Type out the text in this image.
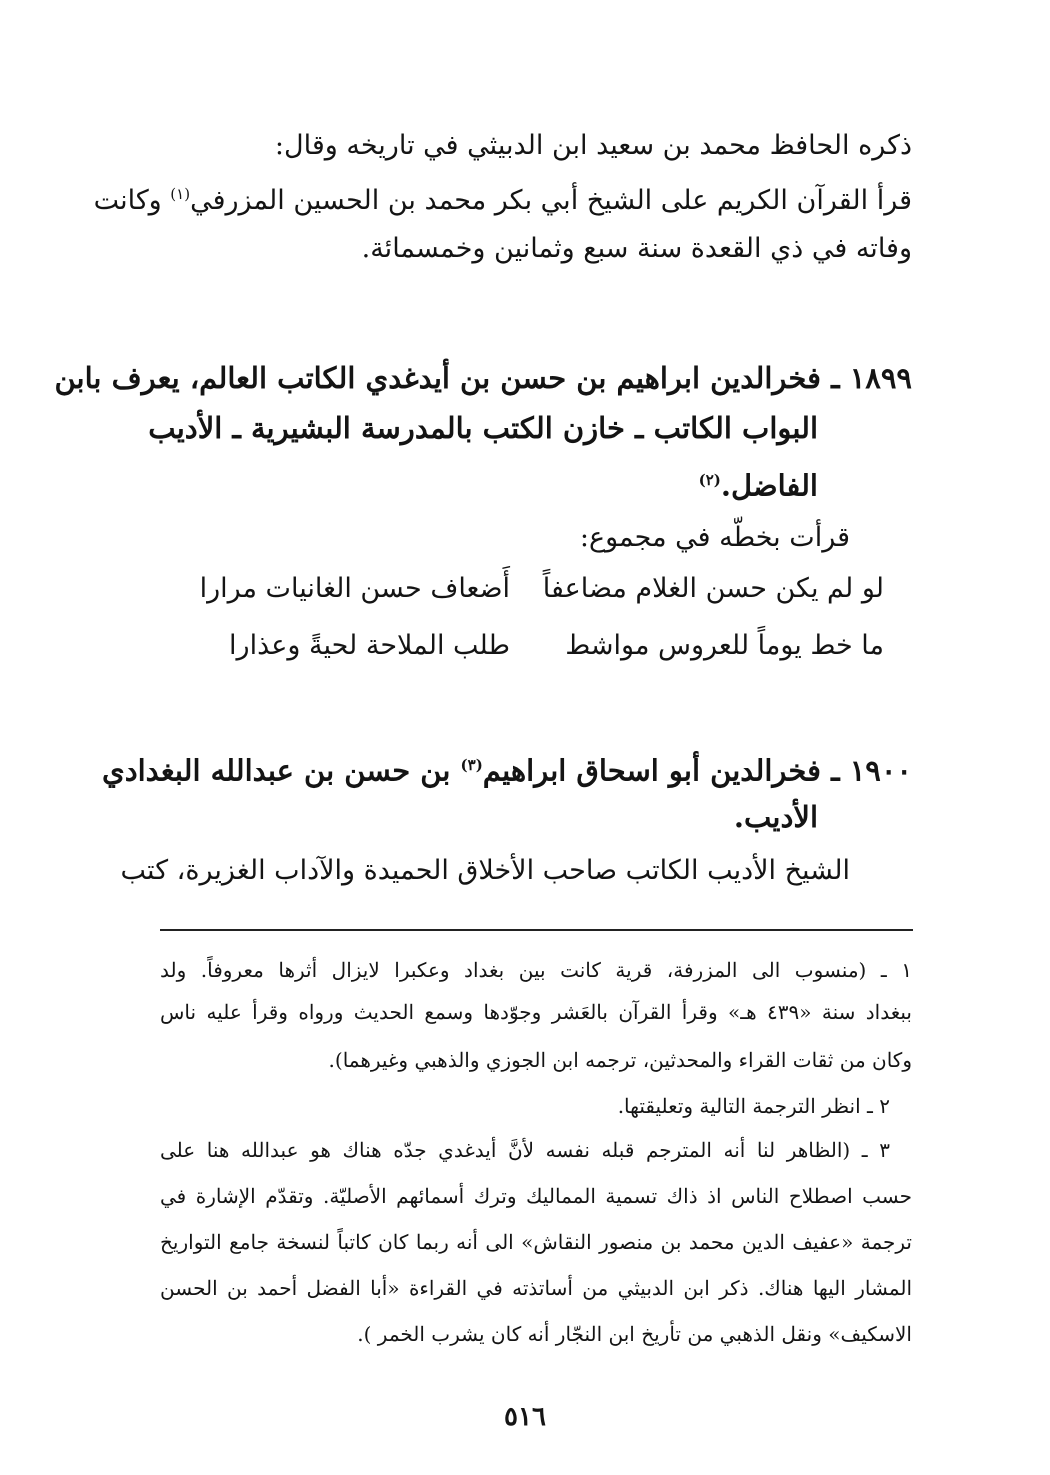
ذكره الحافظ محمد بن سعيد ابن الدبيثي في تاريخه وقال:
قرأ القرآن الكريم على الشيخ أبي بكر محمد بن الحسين المزرفي$^{(١)}$ وكانت
وفاته في ذي القعدة سنة سبع وثمانين وخمسمائة.
١٨٩٩ ـ فخرالدين ابراهيم بن حسن بن أيدغدي الكاتب العالم، يعرف بابن
البواب الكاتب ـ خازن الكتب بالمدرسة البشيرية ـ الأديب
الفاضل.$^{(٢)}$
قرأت بخطّه في مجموع:
لو لم يكن حسن الغلام مضاعفاً
أَضعاف حسن الغانيات مرارا
ما خط يوماً للعروس مواشط
طلب الملاحة لحيةً وعذارا
١٩٠٠ ـ فخرالدين أبو اسحاق ابراهيم$^{(٣)}$ بن حسن بن عبدالله البغدادي
الأديب.
الشيخ الأديب الكاتب صاحب الأخلاق الحميدة والآداب الغزيرة، كتب
١ ـ (منسوب الى المزرفة، قرية كانت بين بغداد وعكبرا لايزال أثرها معروفاً. ولد
ببغداد سنة «٤٣٩ هـ» وقرأ القرآن بالعَشر وجوّدها وسمع الحديث ورواه وقرأ عليه ناس
وكان من ثقات القراء والمحدثين، ترجمه ابن الجوزي والذهبي وغيرهما).
٢ ـ انظر الترجمة التالية وتعليقتها.
٣ ـ (الظاهر لنا أنه المترجم قبله نفسه لأنَّ أيدغدي جدّه هناك هو عبدالله هنا على
حسب اصطلاح الناس اذ ذاك تسمية المماليك وترك أسمائهم الأصليّة. وتقدّم الإشارة في
ترجمة «عفيف الدين محمد بن منصور النقاش» الى أنه ربما كان كاتباً لنسخة جامع التواريخ
المشار اليها هناك. ذكر ابن الدبيثي من أساتذته في القراءة «أبا الفضل أحمد بن الحسن
الاسكيف» ونقل الذهبي من تأريخ ابن النجّار أنه كان يشرب الخمر ).
٥١٦
